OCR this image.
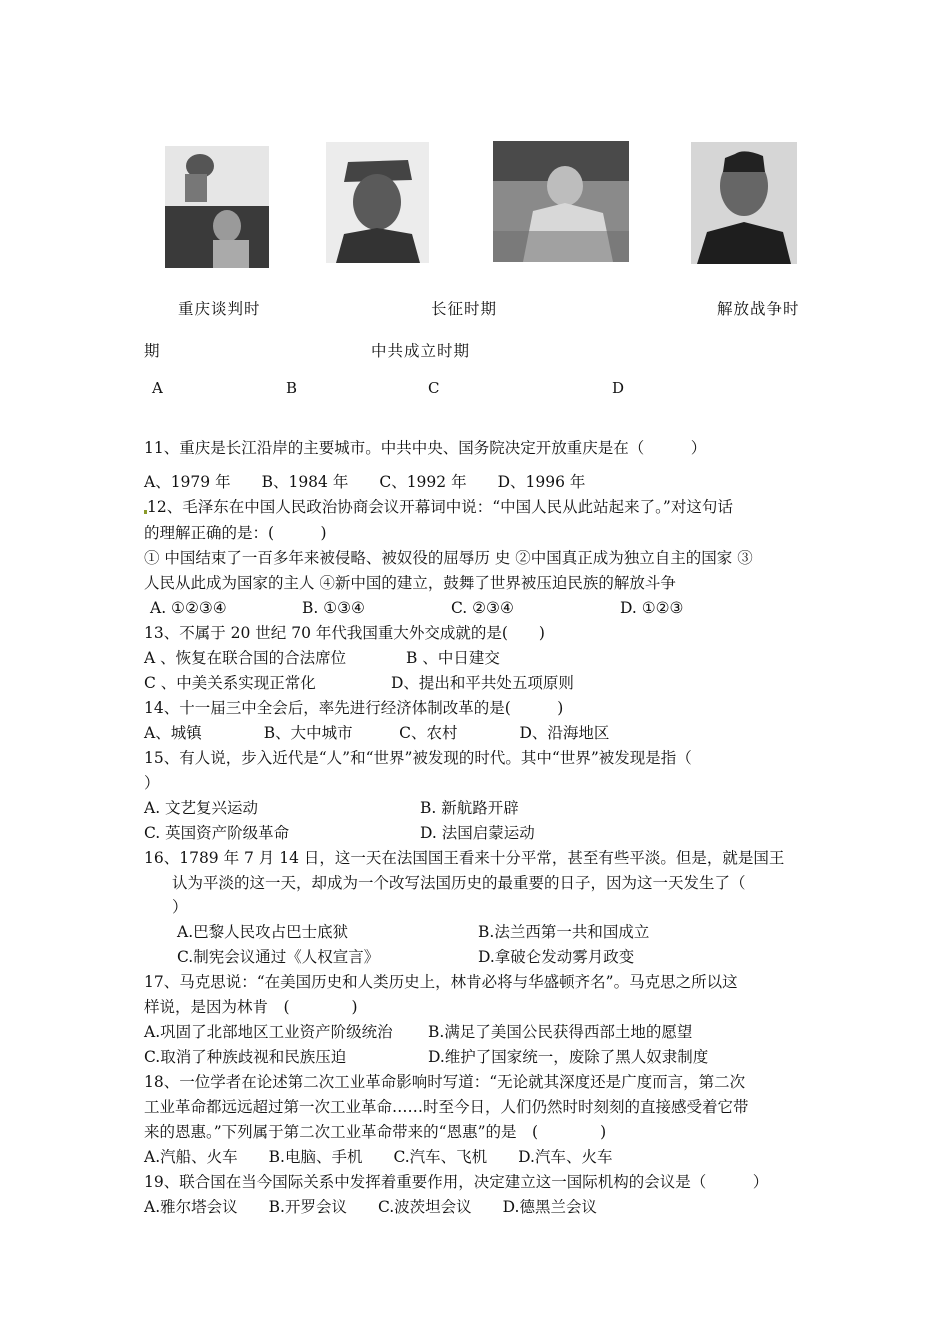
重庆谈判时	长征时期	解放战争时
期	中共成立时期
A	B	C	D
11、重庆是长江沿岸的主要城市。中共中央、国务院决定开放重庆是在（　　　）
A、1979 年　　B、1984 年　　C、1992 年　　D、1996 年
12、毛泽东在中国人民政治协商会议开幕词中说：“中国人民从此站起来了。”对这句话
的理解正确的是：(　　　)
① 中国结束了一百多年来被侵略、被奴役的屈辱历 史 ②中国真正成为独立自主的国家 ③
人民从此成为国家的主人 ④新中国的建立，鼓舞了世界被压迫民族的解放斗争
A. ①②③④	B. ①③④	C. ②③④	D. ①②③
13、不属于 20 世纪 70 年代我国重大外交成就的是(　　)
A 、恢复在联合国的合法席位	B 、中日建交
C 、中美关系实现正常化	D、提出和平共处五项原则
14、十一届三中全会后，率先进行经济体制改革的是(　　　)
A、城镇　　　　B、大中城市　　　C、农村　　　　D、沿海地区
15、有人说，步入近代是“人”和“世界”被发现的时代。其中“世界”被发现是指（
）
A. 文艺复兴运动	B. 新航路开辟
C. 英国资产阶级革命	D. 法国启蒙运动
16、1789 年 7 月 14 日，这一天在法国国王看来十分平常，甚至有些平淡。但是，就是国王
认为平淡的这一天，却成为一个改写法国历史的最重要的日子，因为这一天发生了（
）
A.巴黎人民攻占巴士底狱	B.法兰西第一共和国成立
C.制宪会议通过《人权宣言》	D.拿破仑发动雾月政变
17、马克思说：“在美国历史和人类历史上，林肯必将与华盛顿齐名”。马克思之所以这
样说，是因为林肯　(　　　　)
A.巩固了北部地区工业资产阶级统治 B.满足了美国公民获得西部土地的愿望
C.取消了种族歧视和民族压迫	D.维护了国家统一，废除了黑人奴隶制度
18、一位学者在论述第二次工业革命影响时写道：“无论就其深度还是广度而言，第二次
工业革命都远远超过第一次工业革命……时至今日，人们仍然时时刻刻的直接感受着它带
来的恩惠。”下列属于第二次工业革命带来的“恩惠”的是　(　　　　)
A.汽船、火车　　B.电脑、手机　　C.汽车、飞机　　D.汽车、火车
19、联合国在当今国际关系中发挥着重要作用，决定建立这一国际机构的会议是（　　　）
A.雅尔塔会议　　B.开罗会议　　C.波茨坦会议　　D.德黑兰会议
